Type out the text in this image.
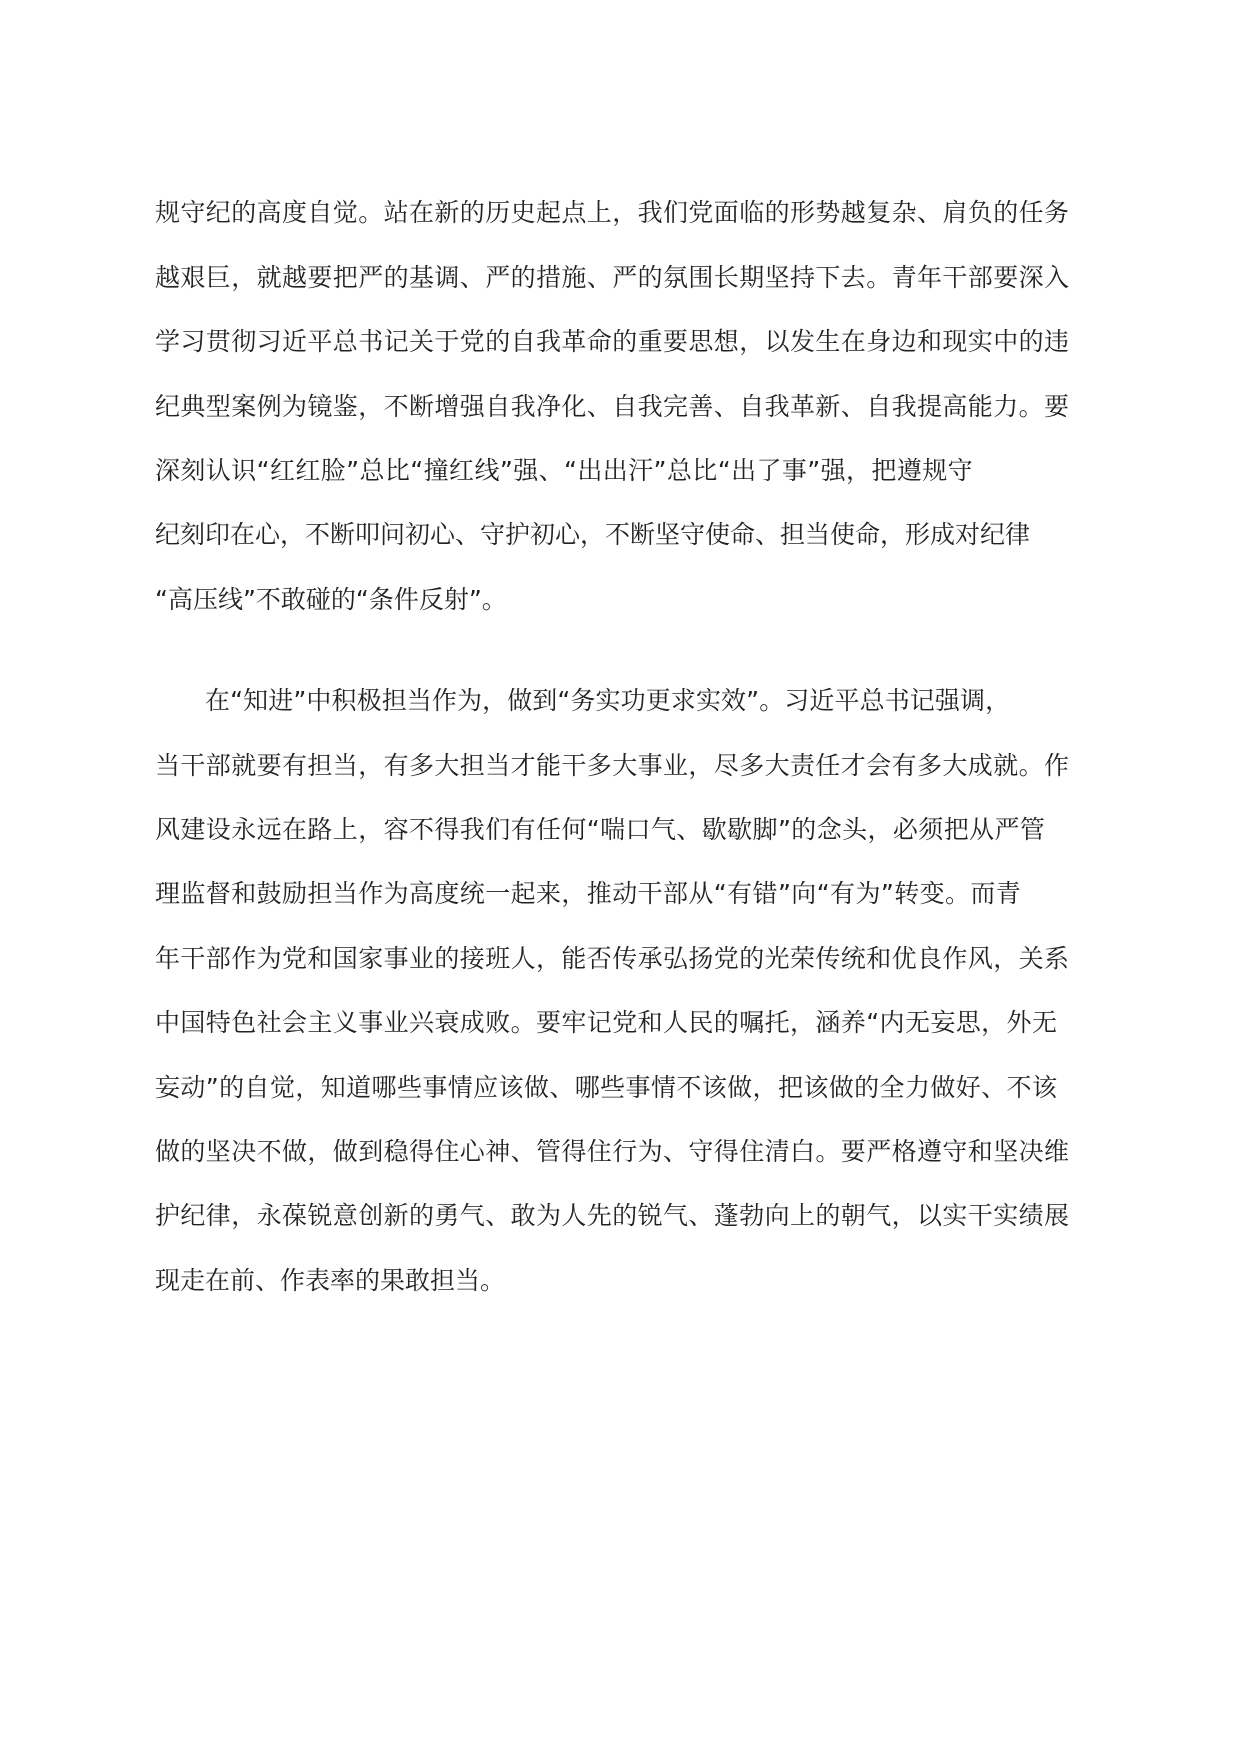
规守纪的高度自觉。站在新的历史起点上，我们党面临的形势越复杂、肩负的任务
越艰巨，就越要把严的基调、严的措施、严的氛围长期坚持下去。青年干部要深入
学习贯彻习近平总书记关于党的自我革命的重要思想，以发生在身边和现实中的违
纪典型案例为镜鉴，不断增强自我净化、自我完善、自我革新、自我提高能力。要
深刻认识“红红脸”总比“撞红线”强、“出出汗”总比“出了事”强，把遵规守
纪刻印在心，不断叩问初心、守护初心，不断坚守使命、担当使命，形成对纪律
“高压线”不敢碰的“条件反射”。
在“知进”中积极担当作为，做到“务实功更求实效”。习近平总书记强调，
当干部就要有担当，有多大担当才能干多大事业，尽多大责任才会有多大成就。作
风建设永远在路上，容不得我们有任何“喘口气、歇歇脚”的念头，必须把从严管
理监督和鼓励担当作为高度统一起来，推动干部从“有错”向“有为”转变。而青
年干部作为党和国家事业的接班人，能否传承弘扬党的光荣传统和优良作风，关系
中国特色社会主义事业兴衰成败。要牢记党和人民的嘱托，涵养“内无妄思，外无
妄动”的自觉，知道哪些事情应该做、哪些事情不该做，把该做的全力做好、不该
做的坚决不做，做到稳得住心神、管得住行为、守得住清白。要严格遵守和坚决维
护纪律，永葆锐意创新的勇气、敢为人先的锐气、蓬勃向上的朝气，以实干实绩展
现走在前、作表率的果敢担当。
